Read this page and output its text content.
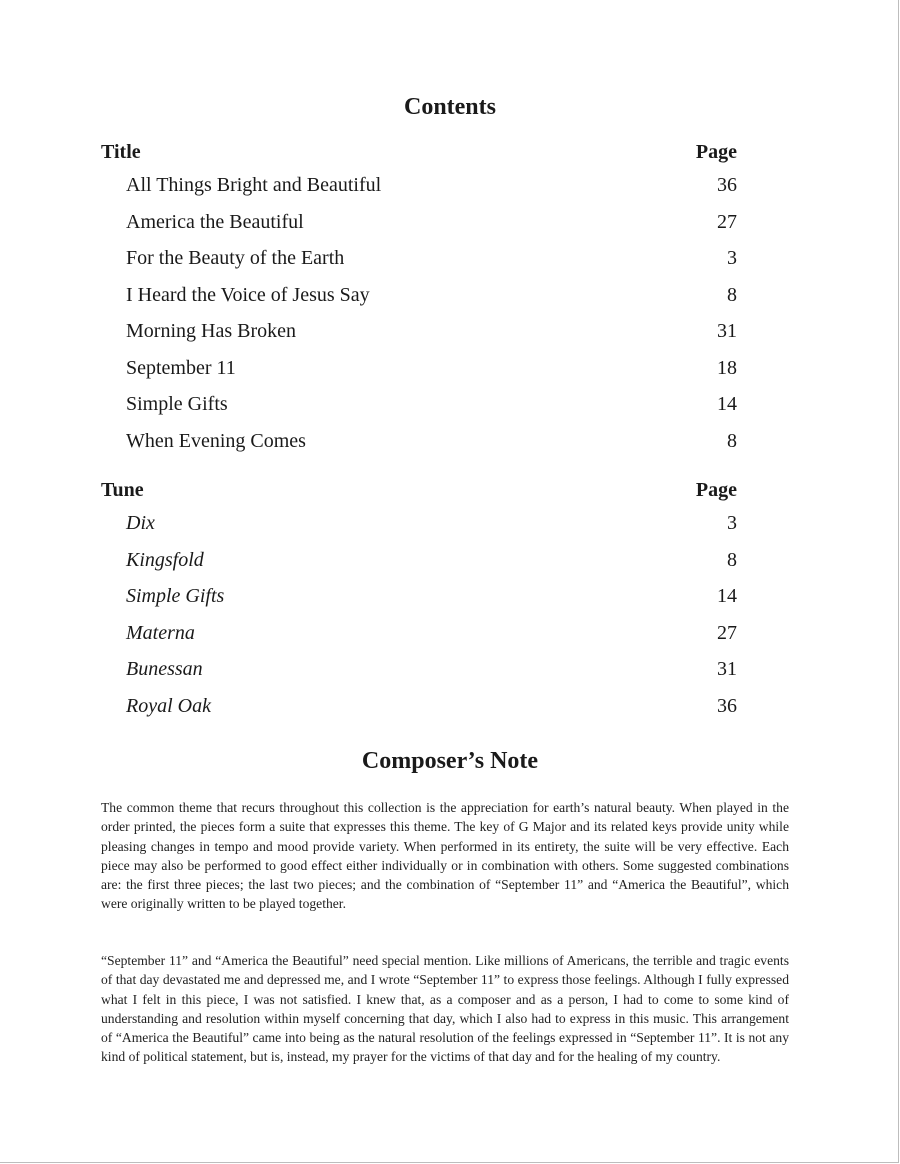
Contents
Title	Page
All Things Bright and Beautiful	36
America the Beautiful	27
For the Beauty of the Earth	3
I Heard the Voice of Jesus Say	8
Morning Has Broken	31
September 11	18
Simple Gifts	14
When Evening Comes	8
Tune	Page
Dix	3
Kingsfold	8
Simple Gifts	14
Materna	27
Bunessan	31
Royal Oak	36
Composer’s Note

The common theme that recurs throughout this collection is the appreciation for earth’s natural beauty. When played in the order printed, the pieces form a suite that expresses this theme. The key of G Major and its related keys provide unity while pleasing changes in tempo and mood provide variety. When performed in its entirety, the suite will be very effective. Each piece may also be performed to good effect either individually or in combination with others. Some suggested combinations are: the first three pieces; the last two pieces; and the combination of “September 11” and “America the Beautiful”, which were originally written to be played together.

“September 11” and “America the Beautiful” need special mention. Like millions of Americans, the terrible and tragic events of that day devastated me and depressed me, and I wrote “September 11” to express those feelings. Although I fully expressed what I felt in this piece, I was not satisfied. I knew that, as a composer and as a person, I had to come to some kind of understanding and resolution within myself concerning that day, which I also had to express in this music. This arrangement of “America the Beautiful” came into being as the natural resolution of the feelings expressed in “September 11”. It is not any kind of political statement, but is, instead, my prayer for the victims of that day and for the healing of my country.
